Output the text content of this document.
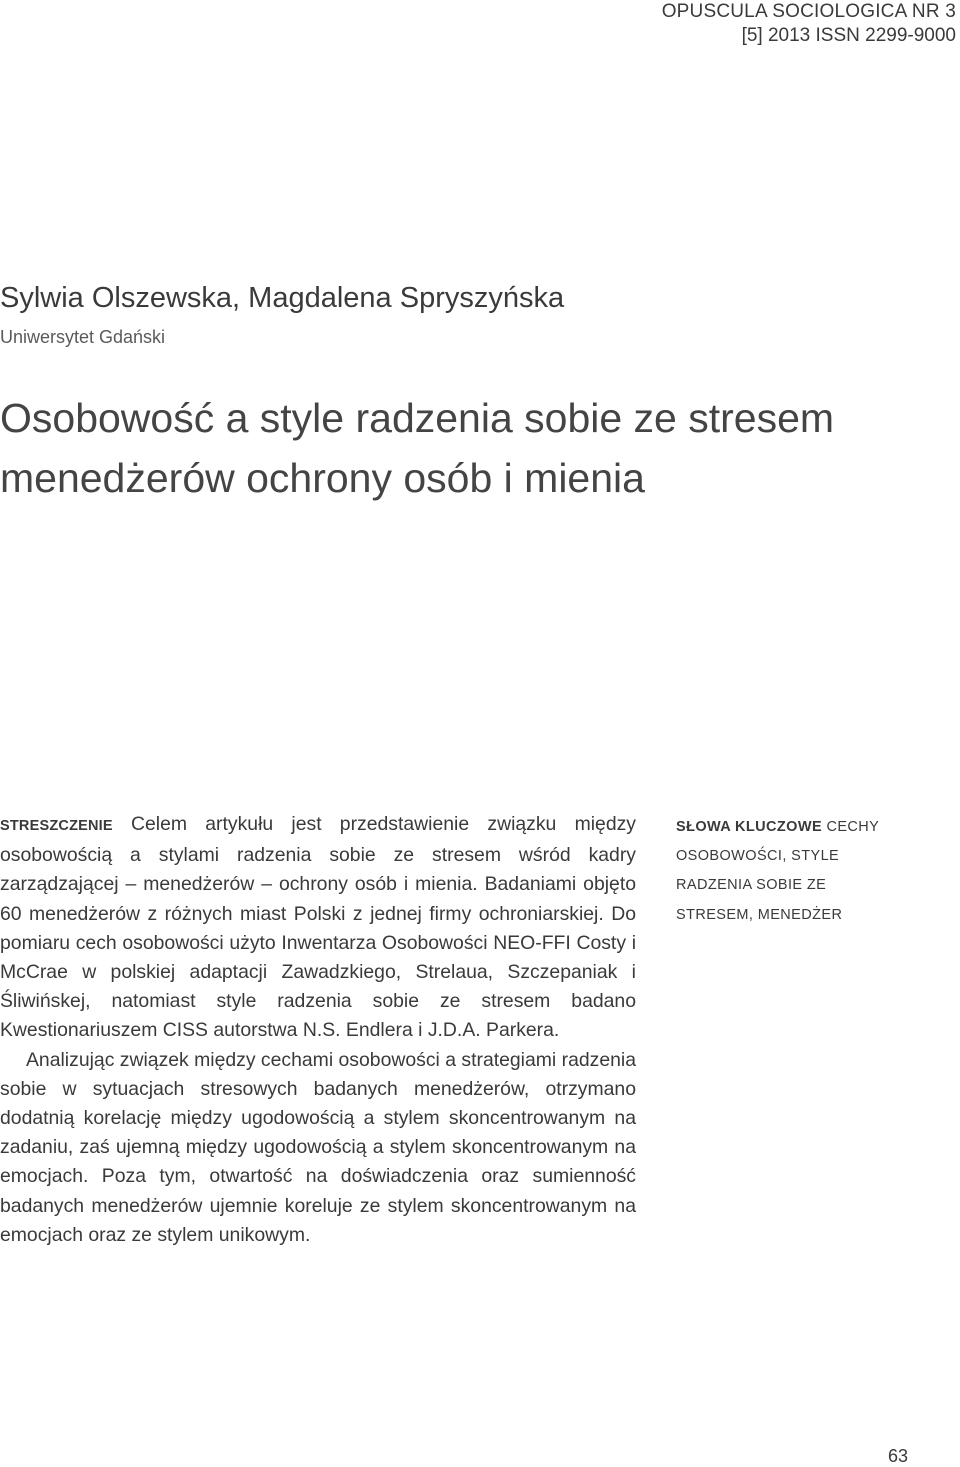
OPUSCULA SOCIOLOGICA NR 3
[5] 2013 ISSN 2299-9000
Sylwia Olszewska, Magdalena Spryszyńska
Uniwersytet Gdański
Osobowość a style radzenia sobie ze stresem
menedżerów ochrony osób i mienia

STRESZCZENIE Celem artykułu jest przedstawienie związku między osobowością a stylami radzenia sobie ze stresem wśród kadry zarządzającej – menedżerów – ochrony osób i mienia. Badaniami objęto 60 menedżerów z różnych miast Polski z jednej firmy ochroniarskiej. Do pomiaru cech osobowości użyto Inwentarza Osobowości NEO-FFI Costy i McCrae w polskiej adaptacji Zawadzkiego, Strelaua, Szczepaniak i Śliwińskej, natomiast style radzenia sobie ze stresem badano Kwestionariuszem CISS autorstwa N.S. Endlera i J.D.A. Parkera.

Analizując związek między cechami osobowości a strategiami radzenia sobie w sytuacjach stresowych badanych menedżerów, otrzymano dodatnią korelację między ugodowością a stylem skoncentrowanym na zadaniu, zaś ujemną między ugodowością a stylem skoncentrowanym na emocjach. Poza tym, otwartość na doświadczenia oraz sumienność badanych menedżerów ujemnie koreluje ze stylem skoncentrowanym na emocjach oraz ze stylem unikowym.

SŁOWA KLUCZOWE CECHY OSOBOWOŚCI, STYLE RADZENIA SOBIE ZE STRESEM, MENEDŻER
63
